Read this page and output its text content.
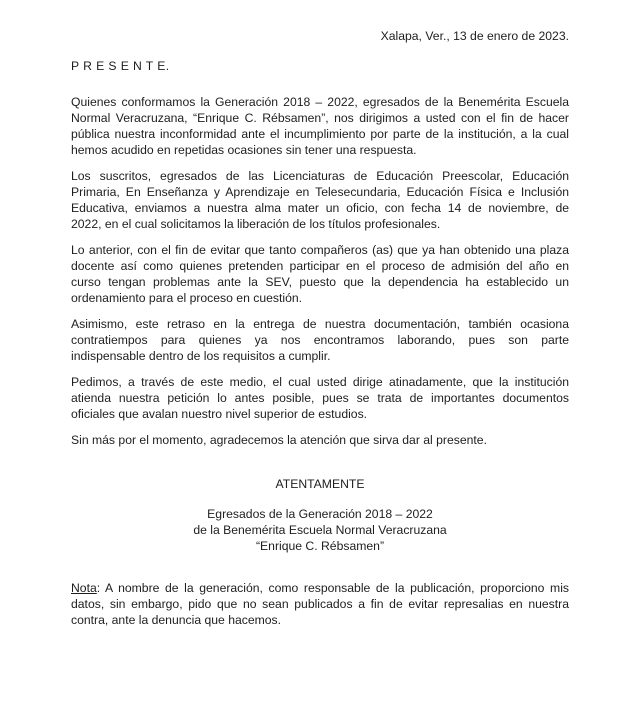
Xalapa, Ver., 13 de enero de 2023.
P R E S E N T E.
Quienes conformamos la Generación 2018 – 2022, egresados de la Benemérita Escuela
Normal Veracruzana, “Enrique C. Rébsamen”, nos dirigimos a usted con el fin de hacer
pública nuestra inconformidad ante el incumplimiento por parte de la institución, a la cual
hemos acudido en repetidas ocasiones sin tener una respuesta.
Los suscritos, egresados de las Licenciaturas de Educación Preescolar, Educación
Primaria, En Enseñanza y Aprendizaje en Telesecundaria, Educación Física e Inclusión
Educativa, enviamos a nuestra alma mater un oficio, con fecha 14 de noviembre, de
2022, en el cual solicitamos la liberación de los títulos profesionales.
Lo anterior, con el fin de evitar que tanto compañeros (as) que ya han obtenido una plaza
docente así como quienes pretenden participar en el proceso de admisión del año en
curso tengan problemas ante la SEV, puesto que la dependencia ha establecido un
ordenamiento para el proceso en cuestión.
Asimismo, este retraso en la entrega de nuestra documentación, también ocasiona
contratiempos para quienes ya nos encontramos laborando, pues son parte
indispensable dentro de los requisitos a cumplir.
Pedimos, a través de este medio, el cual usted dirige atinadamente, que la institución
atienda nuestra petición lo antes posible, pues se trata de importantes documentos
oficiales que avalan nuestro nivel superior de estudios.
Sin más por el momento, agradecemos la atención que sirva dar al presente.
ATENTAMENTE
Egresados de la Generación 2018 – 2022
de la Benemérita Escuela Normal Veracruzana
“Enrique C. Rébsamen”
Nota: A nombre de la generación, como responsable de la publicación, proporciono mis
datos, sin embargo, pido que no sean publicados a fin de evitar represalias en nuestra
contra, ante la denuncia que hacemos.
